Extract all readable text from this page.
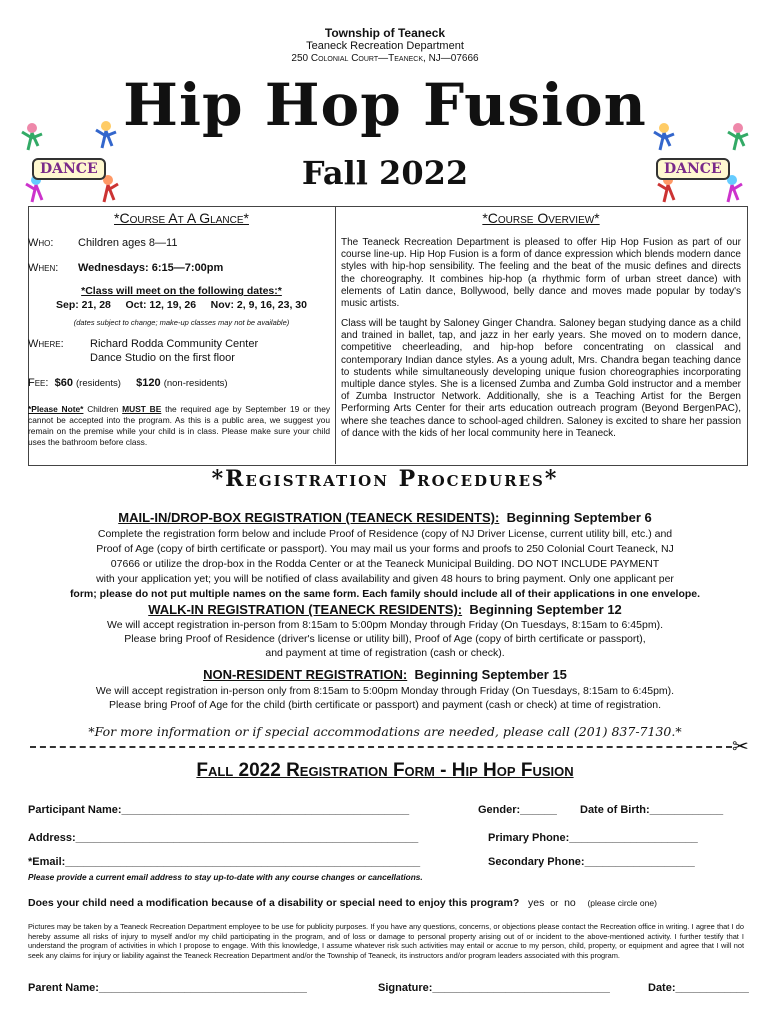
Township of Teaneck
Teaneck Recreation Department
250 Colonial Court—Teaneck, NJ—07666
Hip Hop Fusion
Fall 2022
DANCE	DANCE
*Course At A Glance*
Who: Children ages 8—11
When: Wednesdays: 6:15—7:00pm
*Class will meet on the following dates:*
Sep: 21, 28     Oct: 12, 19, 26     Nov: 2, 9, 16, 23, 30
(dates subject to change; make-up classes may not be available)
Where: Richard Rodda Community Center
Dance Studio on the first floor
Fee: $60 (residents) $120 (non-residents)
*Please Note* Children MUST BE the required age by September 19 or they cannot be accepted into the program. As this is a public area, we suggest you remain on the premise while your child is in class. Please make sure your child uses the bathroom before class.
*Course Overview*
The Teaneck Recreation Department is pleased to offer Hip Hop Fusion as part of our course line-up. Hip Hop Fusion is a form of dance expression which blends modern dance styles with hip-hop sensibility. The feeling and the beat of the music defines and directs the choreography. It combines hip-hop (a rhythmic form of urban street dance) with elements of Latin dance, Bollywood, belly dance and moves made popular by today's music artists.
Class will be taught by Saloney Ginger Chandra. Saloney began studying dance as a child and trained in ballet, tap, and jazz in her early years. She moved on to modern dance, competitive cheerleading, and hip-hop before concentrating on classical and contemporary Indian dance styles. As a young adult, Mrs. Chandra began teaching dance to students while simultaneously developing unique fusion choreographies incorporating multiple dance styles. She is a licensed Zumba and Zumba Gold instructor and a member of Zumba Instructor Network. Additionally, she is a Teaching Artist for the Bergen Performing Arts Center for their arts education outreach program (Beyond BergenPAC), where she teaches dance to school-aged children. Saloney is excited to share her passion of dance with the kids of her local community here in Teaneck.
*Registration Procedures*
MAIL-IN/DROP-BOX REGISTRATION (TEANECK RESIDENTS): Beginning September 6
Complete the registration form below and include Proof of Residence (copy of NJ Driver License, current utility bill, etc.) and
Proof of Age (copy of birth certificate or passport). You may mail us your forms and proofs to 250 Colonial Court Teaneck, NJ
07666 or utilize the drop-box in the Rodda Center or at the Teaneck Municipal Building. DO NOT INCLUDE PAYMENT
with your application yet; you will be notified of class availability and given 48 hours to bring payment. Only one applicant per
form; please do not put multiple names on the same form. Each family should include all of their applications in one envelope.
WALK-IN REGISTRATION (TEANECK RESIDENTS): Beginning September 12
We will accept registration in-person from 8:15am to 5:00pm Monday through Friday (On Tuesdays, 8:15am to 6:45pm).
Please bring Proof of Residence (driver's license or utility bill), Proof of Age (copy of birth certificate or passport),
and payment at time of registration (cash or check).
NON-RESIDENT REGISTRATION: Beginning September 15
We will accept registration in-person only from 8:15am to 5:00pm Monday through Friday (On Tuesdays, 8:15am to 6:45pm).
Please bring Proof of Age for the child (birth certificate or passport) and payment (cash or check) at time of registration.
*For more information or if special accommodations are needed, please call (201) 837-7130.*
✂
Fall 2022 Registration Form - Hip Hop Fusion
Participant Name:_______________________________________________	Gender:______ Date of Birth:____________
Address:________________________________________________________	Primary Phone:_____________________
*Email:__________________________________________________________	Secondary Phone:__________________
Please provide a current email address to stay up-to-date with any course changes or cancellations.
Does your child need a modification because of a disability or special need to enjoy this program? yes or no (please circle one)
Pictures may be taken by a Teaneck Recreation Department employee to be use for publicity purposes. If you have any questions, concerns, or objections please contact the Recreation office in writing. I agree that I do hereby assume all risks of injury to myself and/or my child participating in the program, and of loss or damage to personal property arising out of or incident to the above-mentioned activity. I further testify that I understand the program of activities in which I propose to engage. With this knowledge, I assume whatever risk such activities may entail or accrue to my person, child, property, or equipment and agree that I will not seek any claims for injury or liability against the Teaneck Recreation Department and/or the Township of Teaneck, its instructors and/or program leaders associated with this program.
Parent Name:__________________________________	Signature:_____________________________	Date:____________
